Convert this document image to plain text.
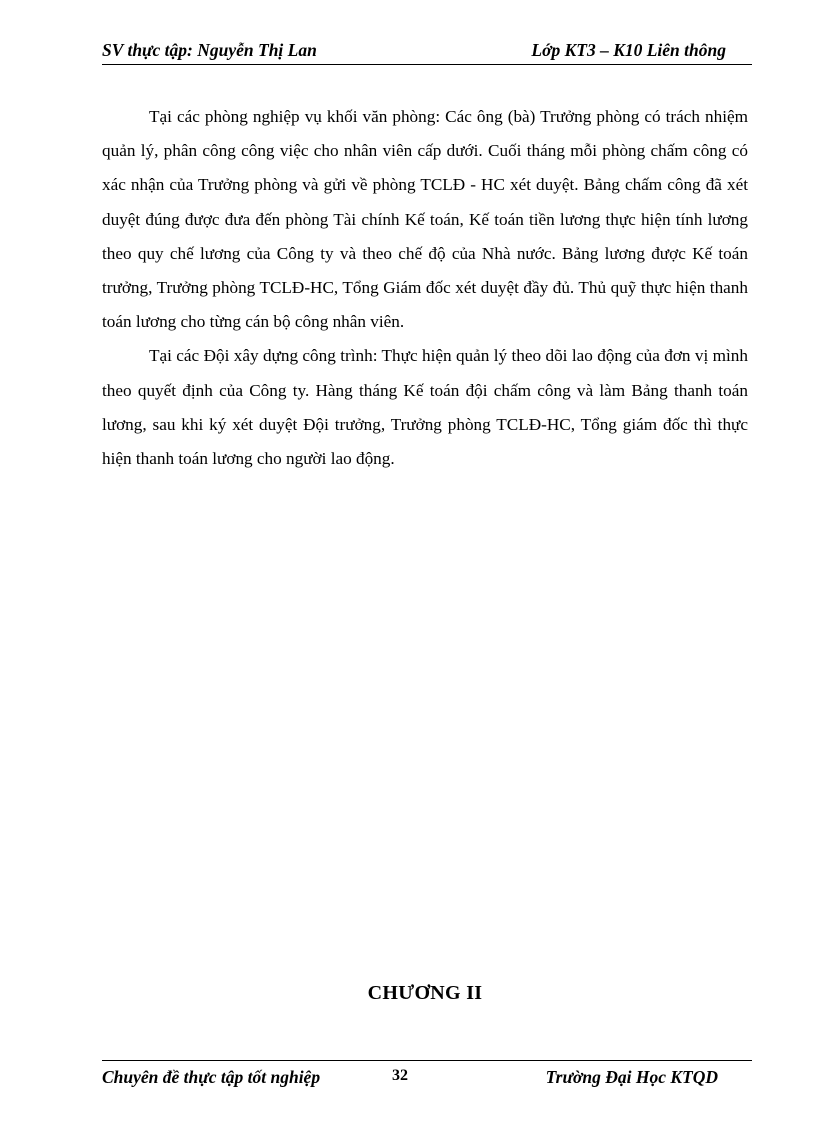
SV thực tập: Nguyễn Thị Lan	Lớp KT3 – K10 Liên thông

Tại các phòng nghiệp vụ khối văn phòng: Các ông (bà) Trưởng phòng có trách nhiệm quản lý, phân công công việc cho nhân viên cấp dưới. Cuối tháng mỗi phòng chấm công có xác nhận của Trưởng phòng và gửi về phòng TCLĐ - HC xét duyệt. Bảng chấm công đã xét duyệt đúng được đưa đến phòng Tài chính Kế toán, Kế toán tiền lương thực hiện tính lương theo quy chế lương của Công ty và theo chế độ của Nhà nước. Bảng lương được Kế toán trưởng, Trưởng phòng TCLĐ-HC, Tổng Giám đốc xét duyệt đầy đủ. Thủ quỹ thực hiện thanh toán lương cho từng cán bộ công nhân viên.

Tại các Đội xây dựng công trình: Thực hiện quản lý theo dõi lao động của đơn vị mình theo quyết định của Công ty. Hàng tháng Kế toán đội chấm công và làm Bảng thanh toán lương, sau khi ký xét duyệt Đội trưởng, Trưởng phòng TCLĐ-HC, Tổng giám đốc thì thực hiện thanh toán lương cho người lao động.

CHƯƠNG II
Chuyên đề thực tập tốt nghiệp	32	Trường Đại Học KTQD
